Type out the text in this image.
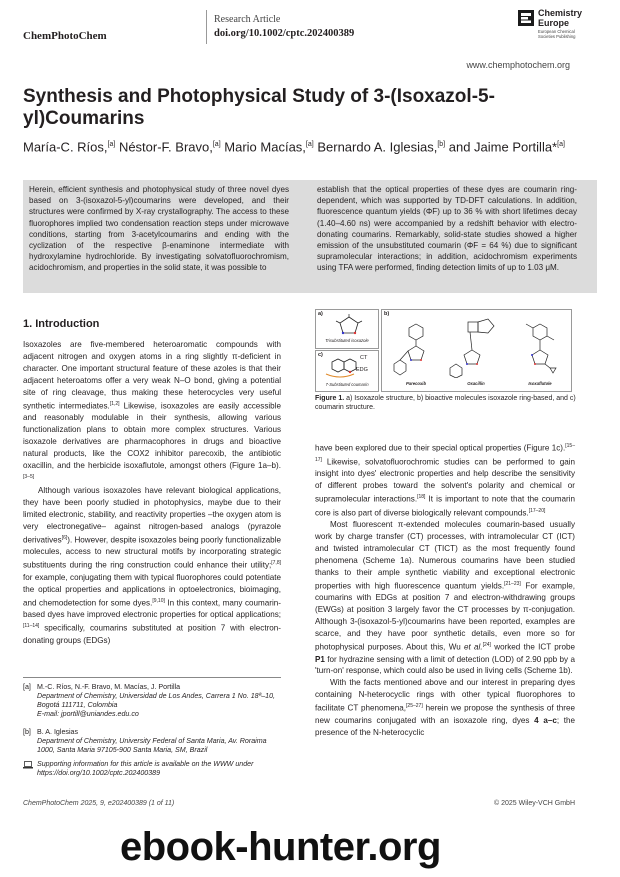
ChemPhotoChem
Research Article
doi.org/10.1002/cptc.202400389
Chemistry
Europe
European Chemical
Societies Publishing
www.chemphotochem.org
Synthesis and Photophysical Study of 3-(Isoxazol-5-yl)Coumarins
María-C. Ríos,[a] Néstor-F. Bravo,[a] Mario Macías,[a] Bernardo A. Iglesias,[b] and Jaime Portilla*[a]
Herein, efficient synthesis and photophysical study of three novel dyes based on 3-(isoxazol-5-yl)coumarins were developed, and their structures were confirmed by X-ray crystallography. The access to these fluorophores implied two condensation reaction steps under microwave conditions, starting from 3-acetylcoumarins and ending with the cyclization of the respective β-enaminone intermediate with hydroxylamine hydrochloride. By investigating solvatofluorochromism, acidochromism, and properties in the solid state, it was possible to
establish that the optical properties of these dyes are coumarin ring-dependent, which was supported by TD-DFT calculations. In addition, fluorescence quantum yields (ΦF) up to 36 % with short lifetimes decay (1.40–4.60 ns) were accompanied by a redshift behavior with electro-donating coumarins. Remarkably, solid-state studies showed a higher emission of the unsubstituted coumarin (ΦF = 64 %) due to significant supramolecular interactions; in addition, acidochromism experiments using TFA were performed, finding detection limits of up to 1.03 μM.
1. Introduction

Isoxazoles are five-membered heteroaromatic compounds with adjacent nitrogen and oxygen atoms in a ring slightly π-deficient in character. One important structural feature of these azoles is that their adjacent heteroatoms offer a very weak N–O bond, giving a potential site of ring cleavage, thus making these heterocycles very useful synthetic intermediates.[1,2] Likewise, isoxazoles are easily accessible and reasonably modulable in their synthesis, allowing various functionalization plans to obtain more complex structures. Various isoxazole derivatives are pharmacophores in drugs and bioactive natural products, like the COX2 inhibitor parecoxib, the antibiotic oxacillin, and the herbicide isoxaflutole, amongst others (Figure 1a–b).[3–5]

Although various isoxazoles have relevant biological applications, they have been poorly studied in photophysics, maybe due to their limited electronic, stability, and reactivity properties –the oxygen atom is very electronegative– against nitrogen-based analogs (pyrazole derivatives[6]). However, despite isoxazoles being poorly functionalizable molecules, access to new structural motifs by incorporating strategic substituents during the ring construction could enhance their utility;[7,8] for example, conjugating them with typical fluorophores could potentiate the optical properties and applications in optoelectronics, bioimaging, and chemodetection for some dyes.[9,10] In this context, many coumarin-based dyes have improved electronic properties for optical applications;[11–14] specifically, coumarins substituted at position 7 with electron-donating groups (EDGs)

a)
Trisubstituted isoxazole
c)	CT
EDG
7-Substituted coumarin
b)
Parecoxib	Oxacillin	Isoxaflutole
Figure 1. a) Isoxazole structure, b) bioactive molecules isoxazole ring-based, and c) coumarin structure.

have been explored due to their special optical properties (Figure 1c).[15–17] Likewise, solvatofluorochromic studies can be performed to gain insight into dyes' electronic properties and help describe the sensitivity of different probes toward the solvent's polarity and chemical or supramolecular interactions.[18] It is important to note that the coumarin core is also part of diverse biologically relevant compounds.[17–20]

Most fluorescent π-extended molecules coumarin-based usually work by charge transfer (CT) processes, with intramolecular CT (ICT) and twisted intramolecular CT (TICT) as the most frequently found phenomena (Scheme 1a). Numerous coumarins have been studied thanks to their ample synthetic viability and exceptional electronic properties with high fluorescence quantum yields.[21–23] For example, coumarins with EDGs at position 7 and electron-withdrawing groups (EWGs) at position 3 largely favor the CT processes by π-conjugation. Although 3-(isoxazol-5-yl)coumarins have been reported, examples are scarce, and they have poor synthetic details, even more so for photophysical purposes. About this, Wu et al.[24] worked the ICT probe P1 for hydrazine sensing with a limit of detection (LOD) of 2.90 ppb by a 'turn-on' response, which could also be used in living cells (Scheme 1b).

With the facts mentioned above and our interest in preparing dyes containing N-heterocyclic rings with other typical fluorophores to facilitate CT phenomena,[25–27] herein we propose the synthesis of three new coumarins conjugated with an isoxazole ring, dyes 4 a–c; the presence of the N-heterocyclic

[a] M.-C. Ríos, N.-F. Bravo, M. Macías, J. Portilla
Department of Chemistry, Universidad de Los Andes, Carrera 1 No. 18ª–10, Bogotá 111711, Colombia
E-mail: jportill@uniandes.edu.co
[b] B. A. Iglesias
Department of Chemistry, University Federal of Santa Maria, Av. Roraima 1000, Santa Maria 97105-900 Santa Maria, SM, Brazil
Supporting information for this article is available on the WWW under https://doi.org/10.1002/cptc.202400389
ChemPhotoChem 2025, 9, e202400389 (1 of 11)	© 2025 Wiley-VCH GmbH
ebook-hunter.org
